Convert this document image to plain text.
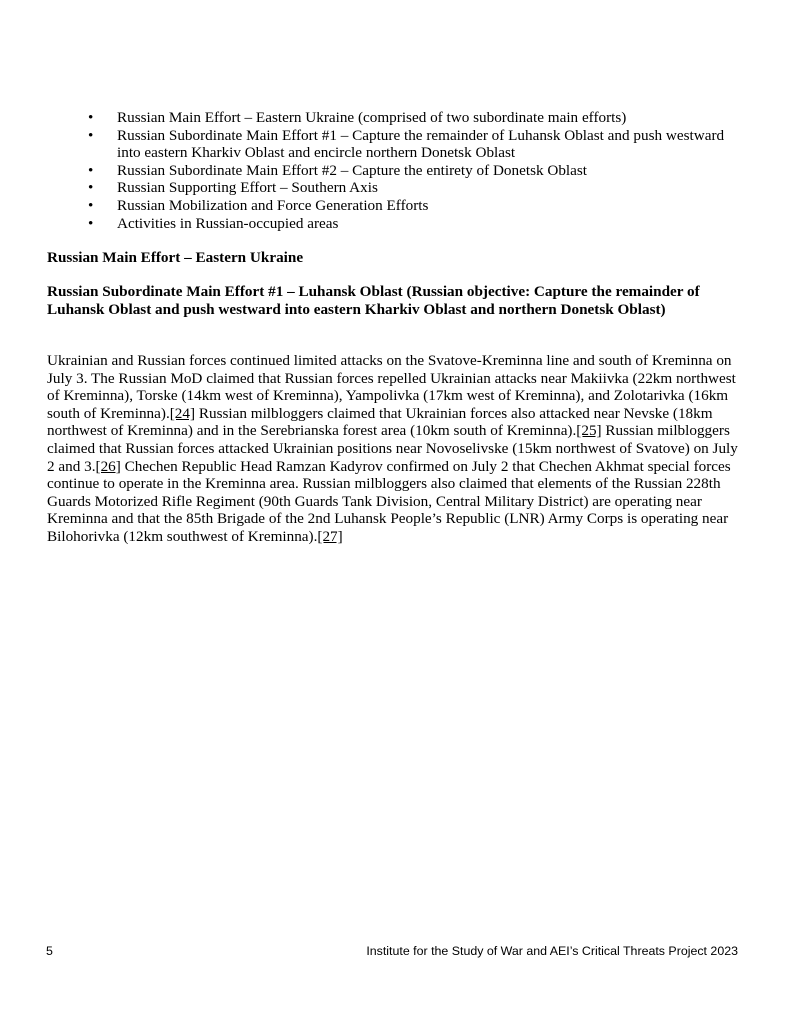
•	Russian Main Effort – Eastern Ukraine (comprised of two subordinate main efforts)
•	Russian Subordinate Main Effort #1 – Capture the remainder of Luhansk Oblast and push westward into eastern Kharkiv Oblast and encircle northern Donetsk Oblast
•	Russian Subordinate Main Effort #2 – Capture the entirety of Donetsk Oblast
•	Russian Supporting Effort – Southern Axis
•	Russian Mobilization and Force Generation Efforts
•	Activities in Russian-occupied areas
Russian Main Effort – Eastern Ukraine
Russian Subordinate Main Effort #1 – Luhansk Oblast (Russian objective: Capture the remainder of Luhansk Oblast and push westward into eastern Kharkiv Oblast and northern Donetsk Oblast)

Ukrainian and Russian forces continued limited attacks on the Svatove-Kreminna line and south of Kreminna on July 3. The Russian MoD claimed that Russian forces repelled Ukrainian attacks near Makiivka (22km northwest of Kreminna), Torske (14km west of Kreminna), Yampolivka (17km west of Kreminna), and Zolotarivka (16km south of Kreminna).[24] Russian milbloggers claimed that Ukrainian forces also attacked near Nevske (18km northwest of Kreminna) and in the Serebrianska forest area (10km south of Kreminna).[25] Russian milbloggers claimed that Russian forces attacked Ukrainian positions near Novoselivske (15km northwest of Svatove) on July 2 and 3.[26] Chechen Republic Head Ramzan Kadyrov confirmed on July 2 that Chechen Akhmat special forces continue to operate in the Kreminna area. Russian milbloggers also claimed that elements of the Russian 228th Guards Motorized Rifle Regiment (90th Guards Tank Division, Central Military District) are operating near Kreminna and that the 85th Brigade of the 2nd Luhansk People’s Republic (LNR) Army Corps is operating near Bilohorivka (12km southwest of Kreminna).[27]

5	Institute for the Study of War and AEI’s Critical Threats Project 2023
